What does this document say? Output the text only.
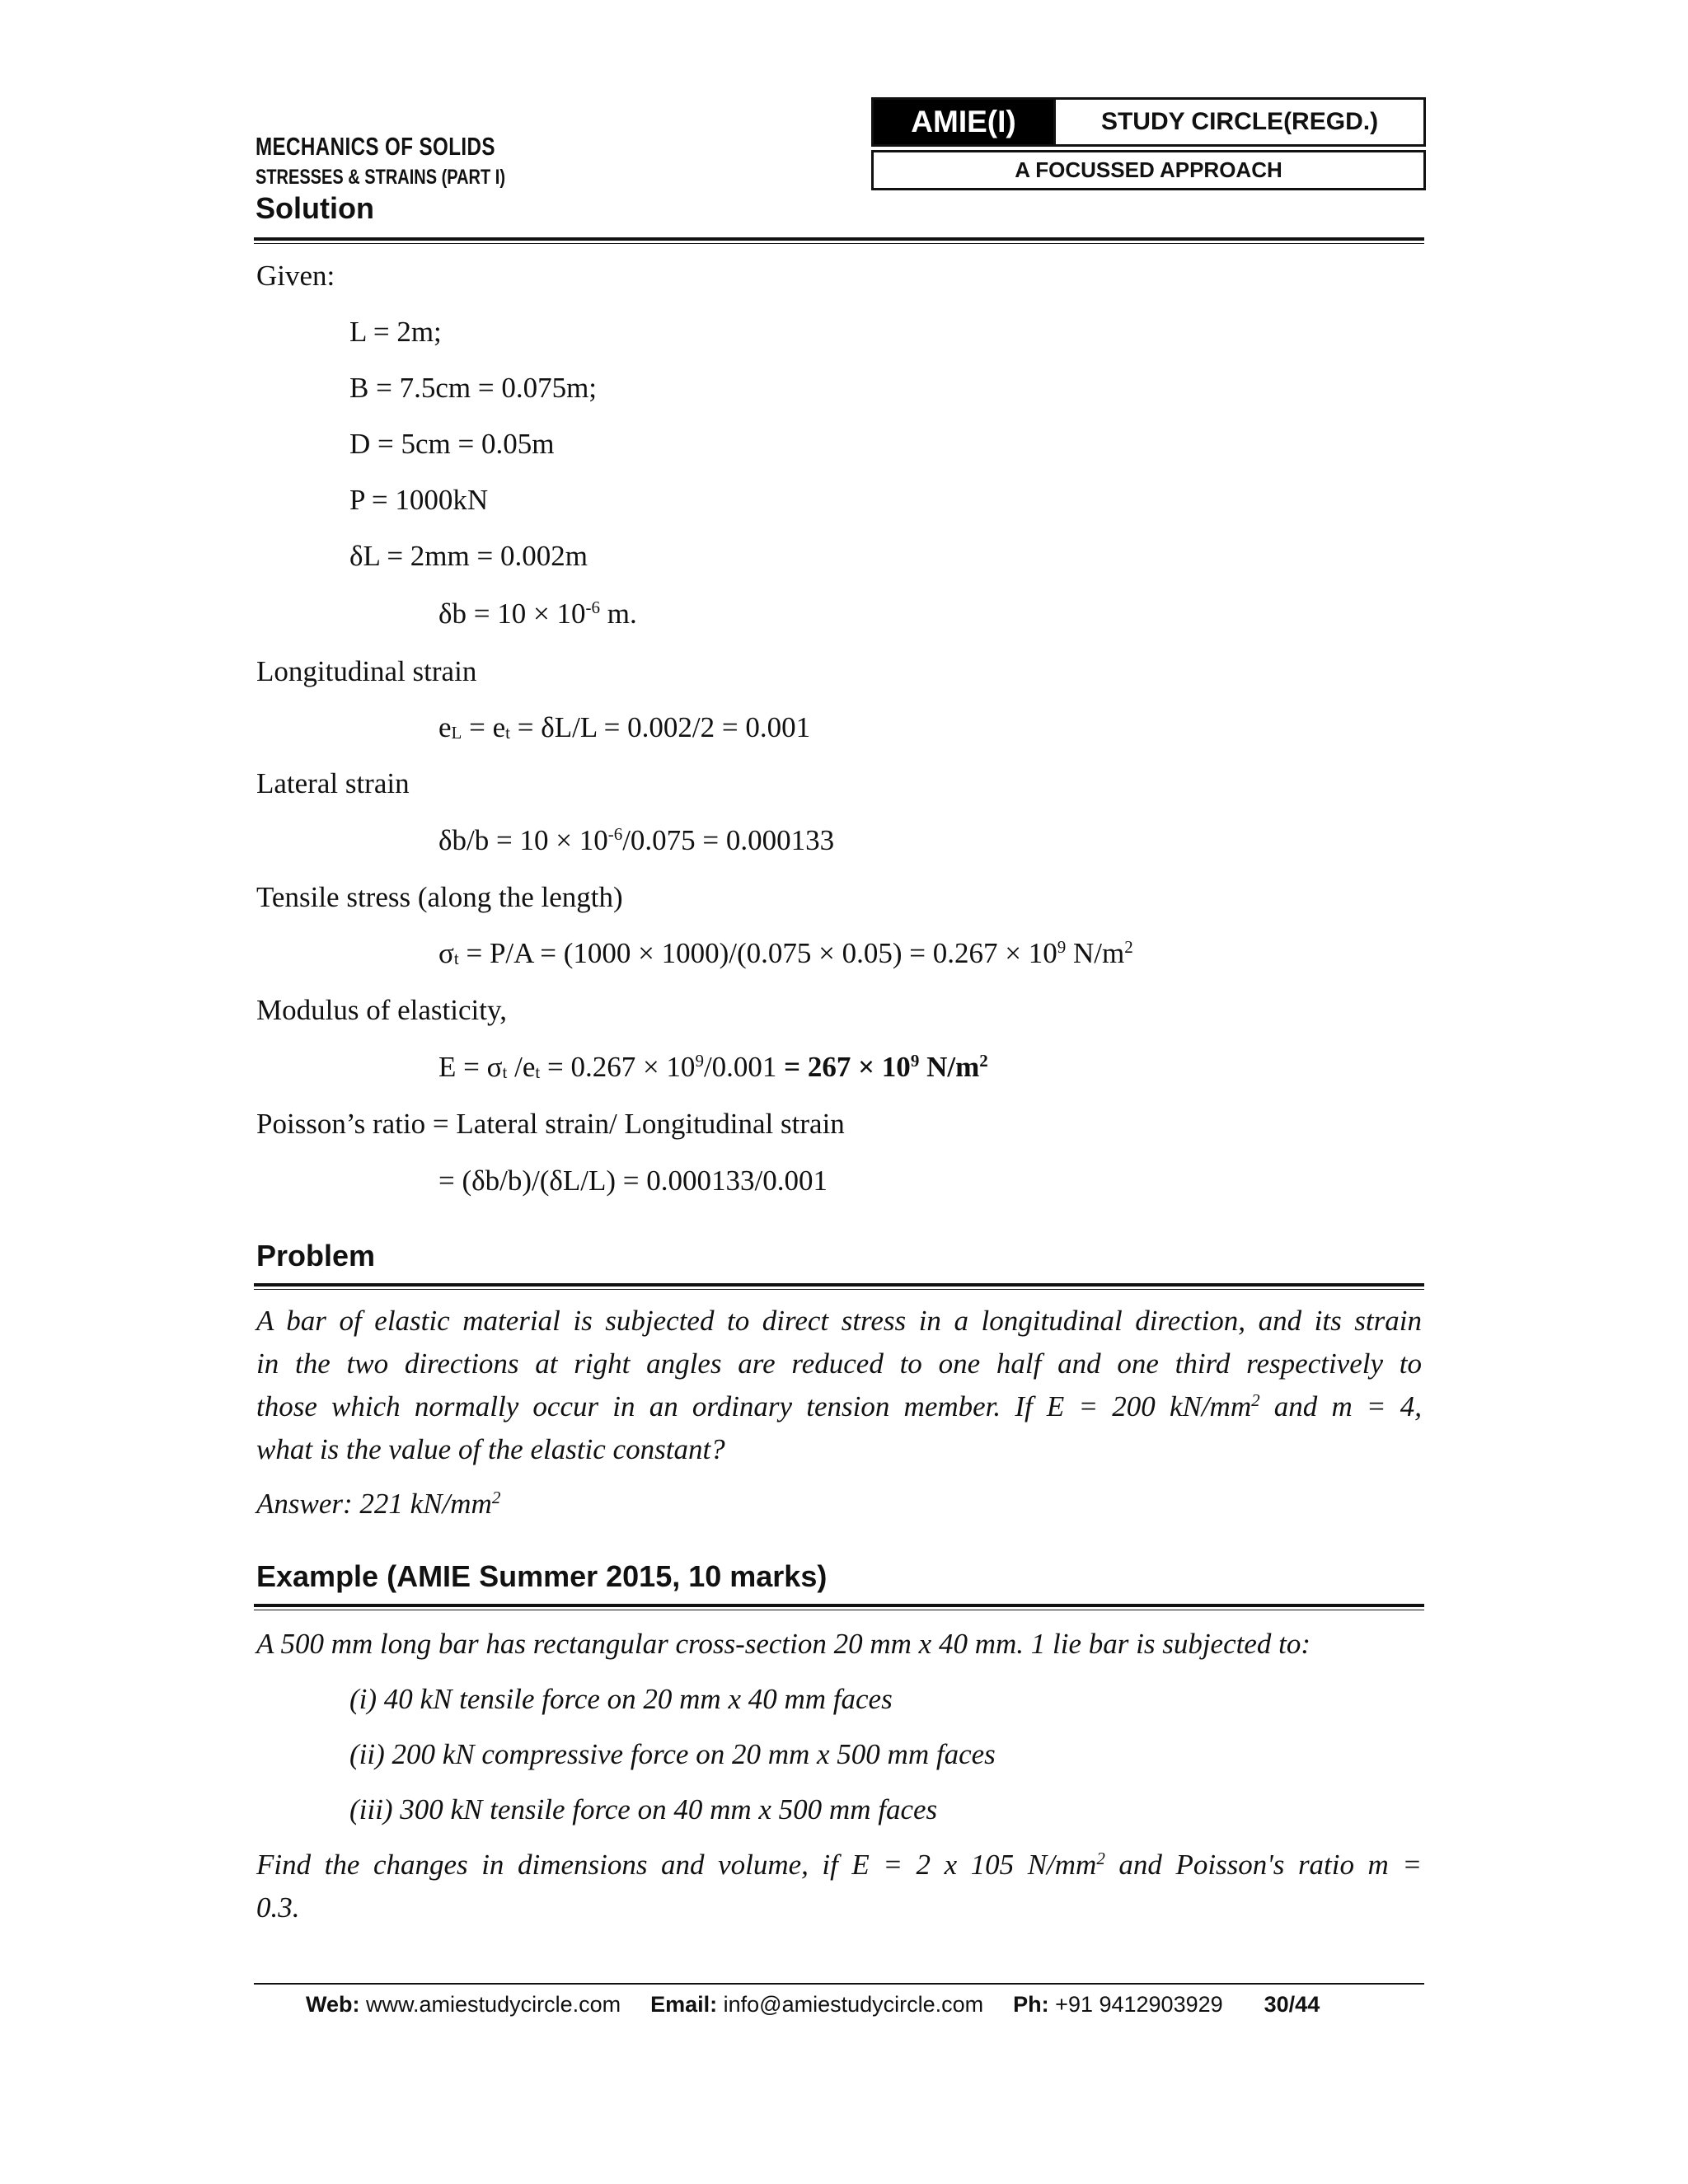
MECHANICS OF SOLIDS
STRESSES & STRAINS (PART I)
Solution
AMIE(I)	STUDY CIRCLE(REGD.)
A FOCUSSED APPROACH
Given:
L = 2m;
B = 7.5cm = 0.075m;
D = 5cm = 0.05m
P = 1000kN
δL = 2mm = 0.002m
$\delta b = 10 \times 10^{-6}$ m.
Longitudinal strain
$e_L = e_t = \delta L/L = 0.002/2 = 0.001$
Lateral strain
$\delta b/b = 10 \times 10^{-6}/0.075 = 0.000133$
Tensile stress (along the length)
$\sigma_t = P/A = (1000 \times 1000)/(0.075 \times 0.05) = 0.267 \times 10^9$ $N/m^2$
Modulus of elasticity,
$E = \sigma_t$ $/e_t = 0.267 \times 10^9/0.001 = 267 \times 10^9$ $N/m^2$
Poisson’s ratio = Lateral strain/ Longitudinal strain
= (δb/b)/(δL/L) = 0.000133/0.001
Problem
A bar of elastic material is subjected to direct stress in a longitudinal direction, and its strain
in the two directions at right angles are reduced to one half and one third respectively to
those which normally occur in an ordinary tension member. If E = 200 $kN/mm^2$ and m = 4,
what is the value of the elastic constant?
Answer: 221 $kN/mm^2$
Example (AMIE Summer 2015, 10 marks)
A 500 mm long bar has rectangular cross-section 20 mm x 40 mm. 1 lie bar is subjected to:
(i) 40 kN tensile force on 20 mm x 40 mm faces
(ii) 200 kN compressive force on 20 mm x 500 mm faces
(iii) 300 kN tensile force on 40 mm x 500 mm faces
Find the changes in dimensions and volume, if E = 2 x 105 $N/mm^2$ and Poisson's ratio m =
0.3.
Web: www.amiestudycircle.com Email: info@amiestudycircle.com Ph: +91 9412903929 30/44
